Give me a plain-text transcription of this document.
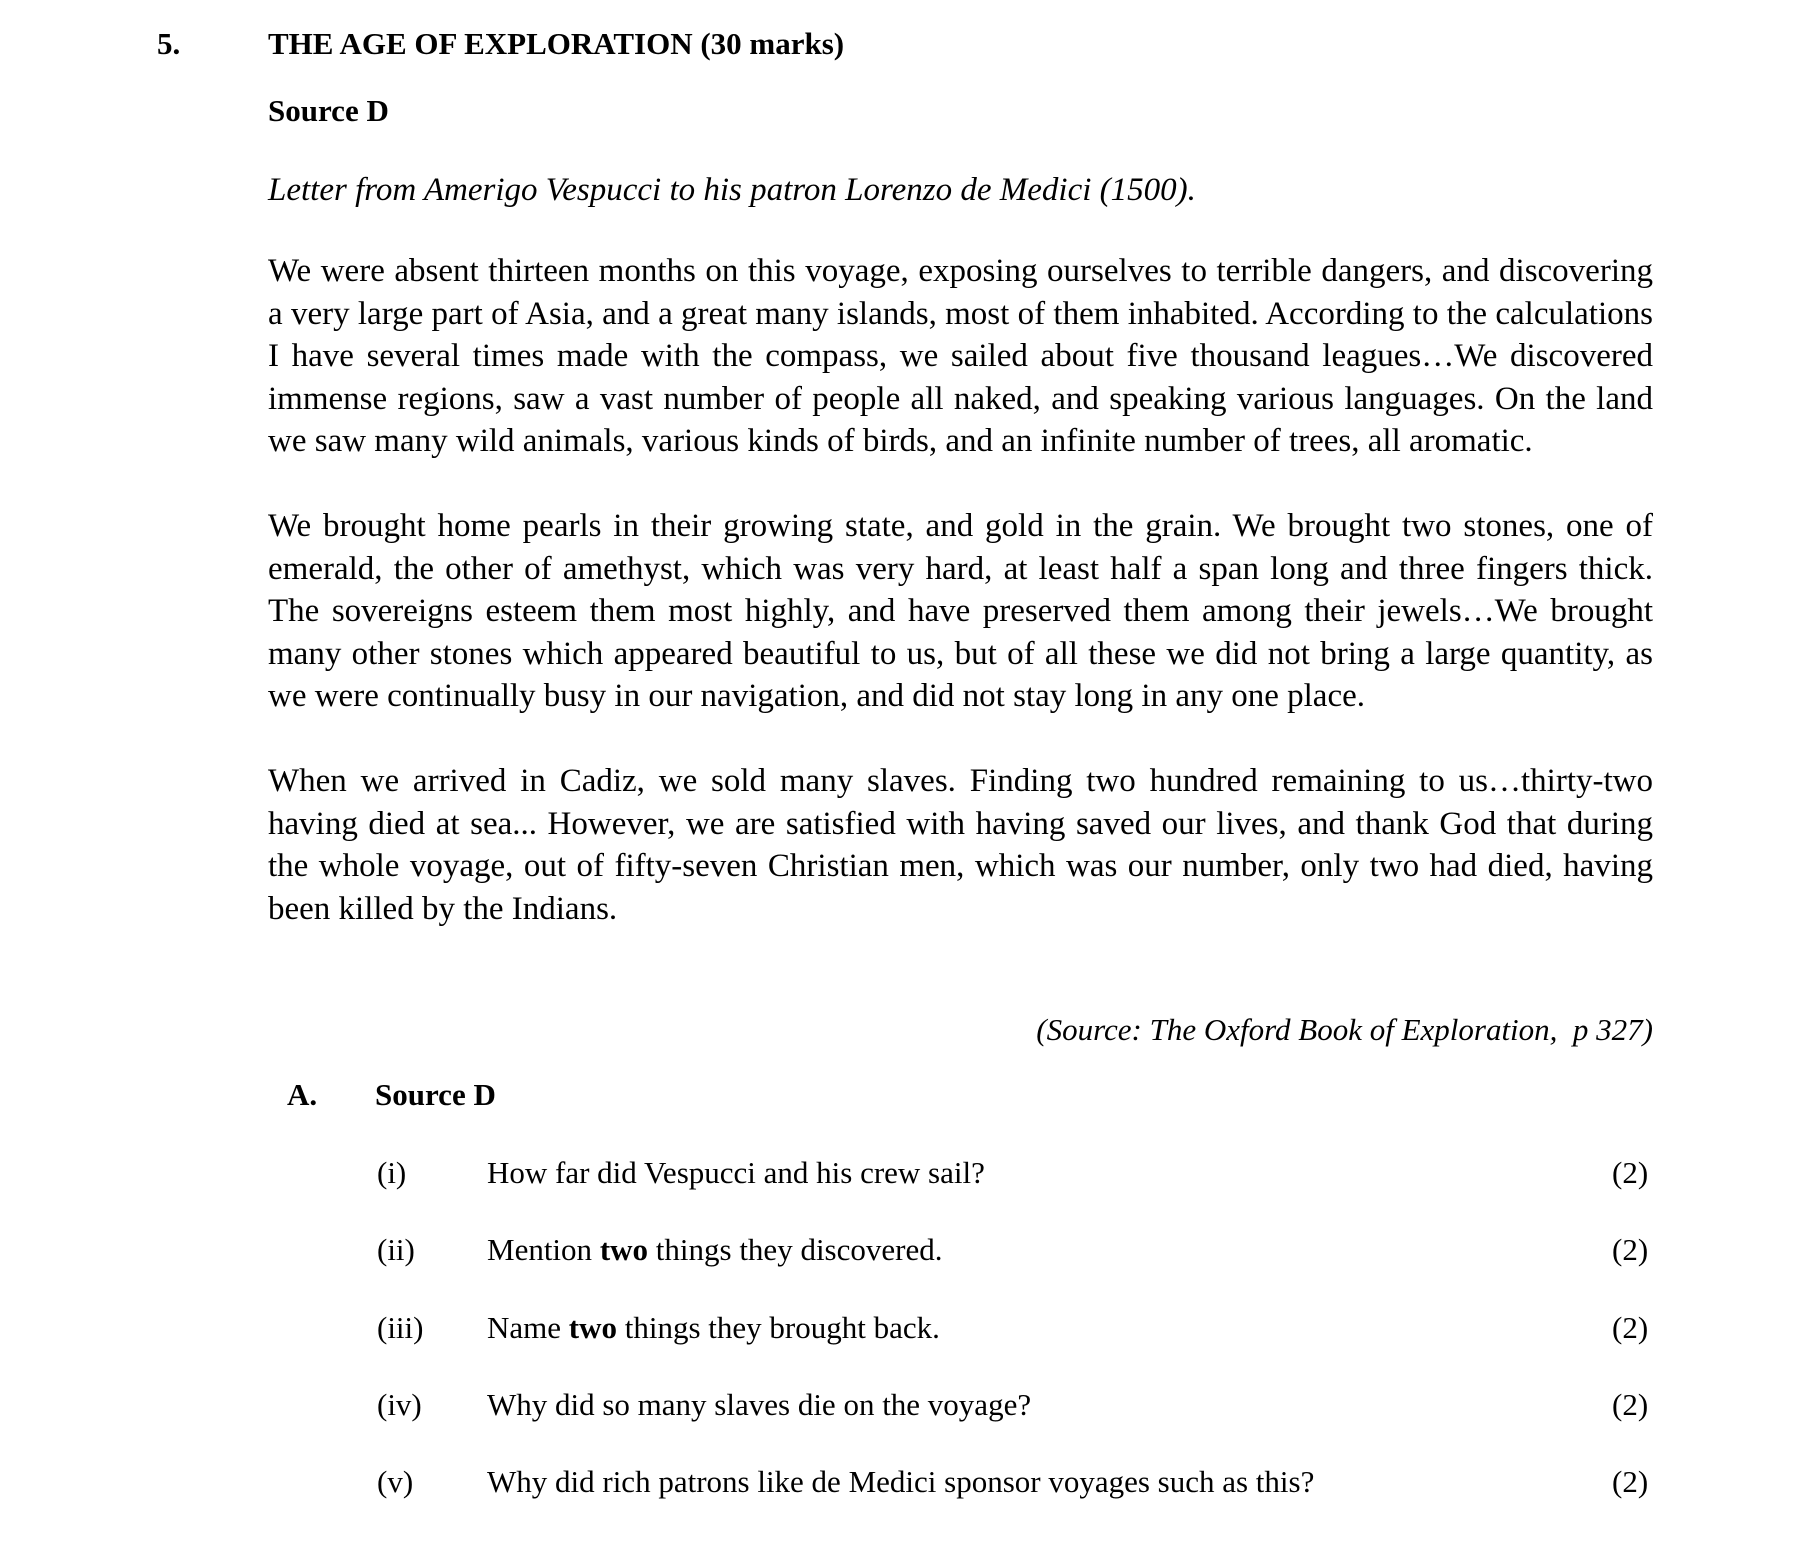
5.	THE AGE OF EXPLORATION (30 marks)
Source D
Letter from Amerigo Vespucci to his patron Lorenzo de Medici (1500).

We were absent thirteen months on this voyage, exposing ourselves to terrible dangers, and discovering a very large part of Asia, and a great many islands, most of them inhabited. According to the calculations I have several times made with the compass, we sailed about five thousand leagues…We discovered immense regions, saw a vast number of people all naked, and speaking various languages. On the land we saw many wild animals, various kinds of birds, and an infinite number of trees, all aromatic.

We brought home pearls in their growing state, and gold in the grain. We brought two stones, one of emerald, the other of amethyst, which was very hard, at least half a span long and three fingers thick. The sovereigns esteem them most highly, and have preserved them among their jewels…We brought many other stones which appeared beautiful to us, but of all these we did not bring a large quantity, as we were continually busy in our navigation, and did not stay long in any one place.

When we arrived in Cadiz, we sold many slaves. Finding two hundred remaining to us…thirty-two having died at sea... However, we are satisfied with having saved our lives, and thank God that during the whole voyage, out of fifty-seven Christian men, which was our number, only two had died, having been killed by the Indians.

(Source: The Oxford Book of Exploration,  p 327)
A. Source D
(i)	How far did Vespucci and his crew sail?	(2)
(ii) Mention two things they discovered.	(2)
(iii) Name two things they brought back.	(2)
(iv) Why did so many slaves die on the voyage?	(2)
(v) Why did rich patrons like de Medici sponsor voyages such as this?	(2)
